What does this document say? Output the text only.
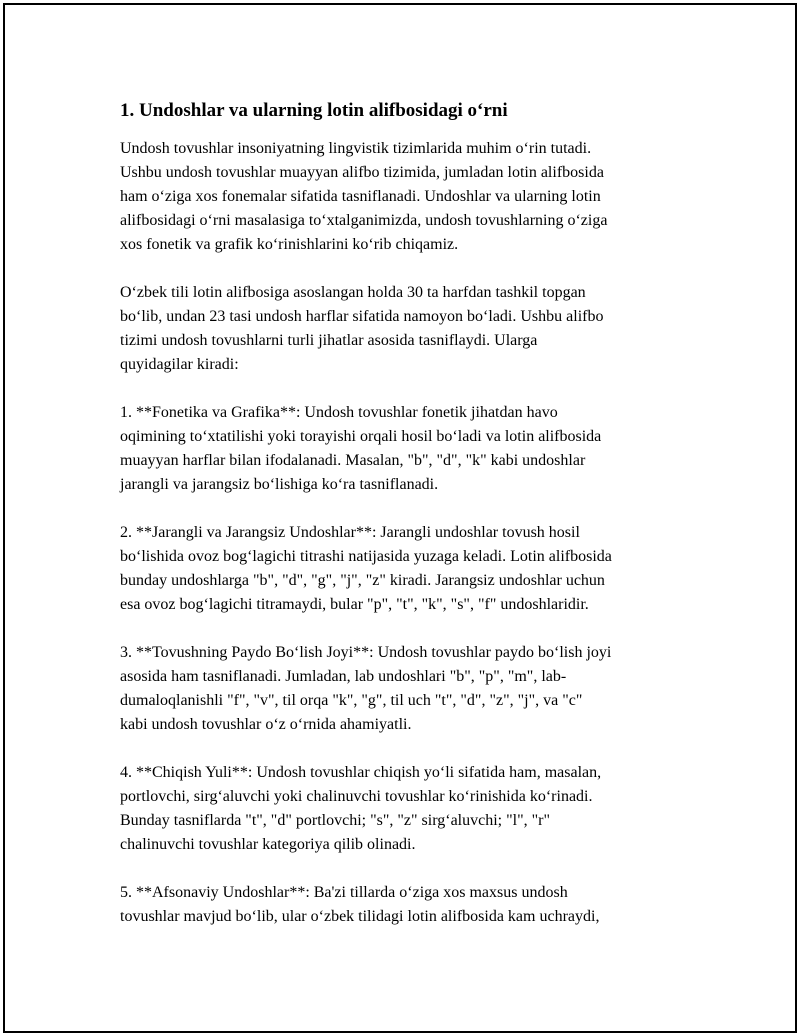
1. Undoshlar va ularning lotin alifbosidagi o‘rni
Undosh tovushlar insoniyatning lingvistik tizimlarida muhim o‘rin tutadi.
Ushbu undosh tovushlar muayyan alifbo tizimida, jumladan lotin alifbosida
ham o‘ziga xos fonemalar sifatida tasniflanadi. Undoshlar va ularning lotin
alifbosidagi o‘rni masalasiga to‘xtalganimizda, undosh tovushlarning o‘ziga
xos fonetik va grafik ko‘rinishlarini ko‘rib chiqamiz.
O‘zbek tili lotin alifbosiga asoslangan holda 30 ta harfdan tashkil topgan
bo‘lib, undan 23 tasi undosh harflar sifatida namoyon bo‘ladi. Ushbu alifbo
tizimi undosh tovushlarni turli jihatlar asosida tasniflaydi. Ularga
quyidagilar kiradi:
1. **Fonetika va Grafika**: Undosh tovushlar fonetik jihatdan havo
oqimining to‘xtatilishi yoki torayishi orqali hosil bo‘ladi va lotin alifbosida
muayyan harflar bilan ifodalanadi. Masalan, "b", "d", "k" kabi undoshlar
jarangli va jarangsiz bo‘lishiga ko‘ra tasniflanadi.
2. **Jarangli va Jarangsiz Undoshlar**: Jarangli undoshlar tovush hosil
bo‘lishida ovoz bog‘lagichi titrashi natijasida yuzaga keladi. Lotin alifbosida
bunday undoshlarga "b", "d", "g", "j", "z" kiradi. Jarangsiz undoshlar uchun
esa ovoz bog‘lagichi titramaydi, bular "p", "t", "k", "s", "f" undoshlaridir.
3. **Tovushning Paydo Bo‘lish Joyi**: Undosh tovushlar paydo bo‘lish joyi
asosida ham tasniflanadi. Jumladan, lab undoshlari "b", "p", "m", lab-
dumaloqlanishli "f", "v", til orqa "k", "g", til uch "t", "d", "z", "j", va "c"
kabi undosh tovushlar o‘z o‘rnida ahamiyatli.
4. **Chiqish Yuli**: Undosh tovushlar chiqish yo‘li sifatida ham, masalan,
portlovchi, sirg‘aluvchi yoki chalinuvchi tovushlar ko‘rinishida ko‘rinadi.
Bunday tasniflarda "t", "d" portlovchi; "s", "z" sirg‘aluvchi; "l", "r"
chalinuvchi tovushlar kategoriya qilib olinadi.
5. **Afsonaviy Undoshlar**: Ba'zi tillarda o‘ziga xos maxsus undosh
tovushlar mavjud bo‘lib, ular o‘zbek tilidagi lotin alifbosida kam uchraydi,
